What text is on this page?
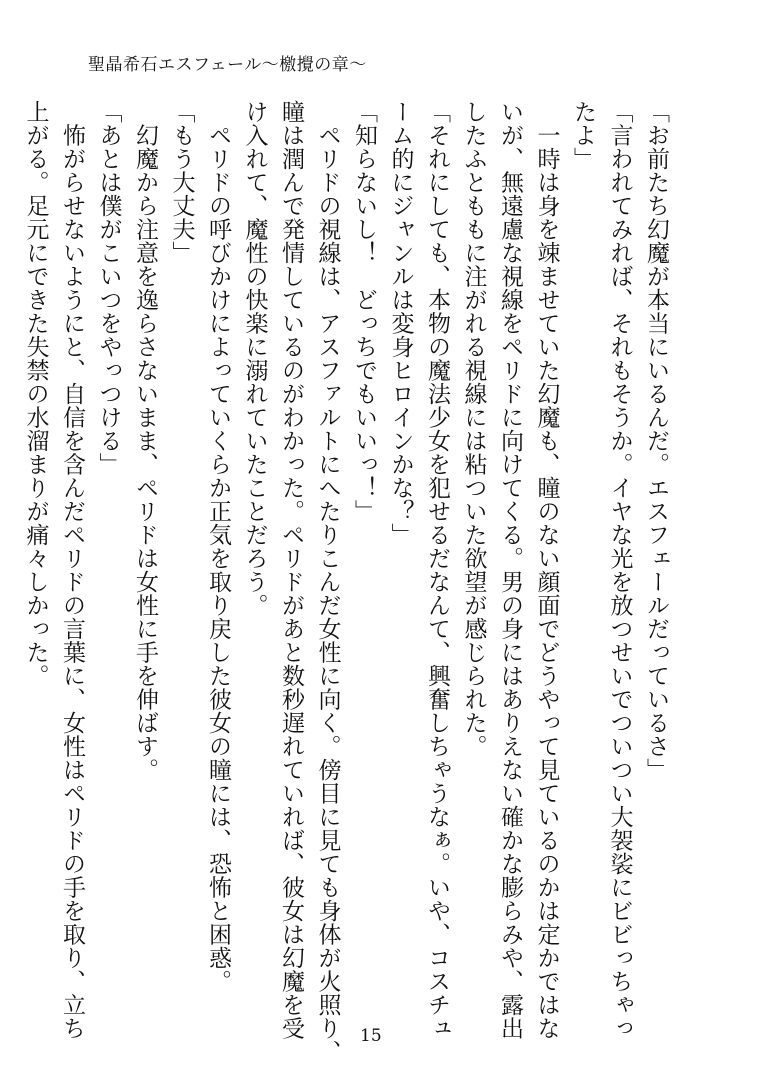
聖晶希石エスフェール〜檄攪の章〜
「お前たち幻魔が本当にいるんだ。エスフェールだっているさ」
「言われてみれば、それもそうか。イヤな光を放つせいでついつい大袈裟にビビっちゃっ
たよ」
　一時は身を竦ませていた幻魔も、瞳のない顔面でどうやって見ているのかは定かではな
いが、無遠慮な視線をペリドに向けてくる。男の身にはありえない確かな膨らみや、露出
したふとももに注がれる視線には粘ついた欲望が感じられた。
「それにしても、本物の魔法少女を犯せるだなんて、興奮しちゃうなぁ。いや、コスチュ
ーム的にジャンルは変身ヒロインかな？」
「知らないし！　どっちでもいいっ！」
　ペリドの視線は、アスファルトにへたりこんだ女性に向く。傍目に見ても身体が火照り、
瞳は潤んで発情しているのがわかった。ペリドがあと数秒遅れていれば、彼女は幻魔を受
け入れて、魔性の快楽に溺れていたことだろう。
　ペリドの呼びかけによっていくらか正気を取り戻した彼女の瞳には、恐怖と困惑。
「もう大丈夫」
　幻魔から注意を逸らさないまま、ペリドは女性に手を伸ばす。
「あとは僕がこいつをやっつける」
　怖がらせないようにと、自信を含んだペリドの言葉に、女性はペリドの手を取り、立ち
上がる。足元にできた失禁の水溜まりが痛々しかった。
15
